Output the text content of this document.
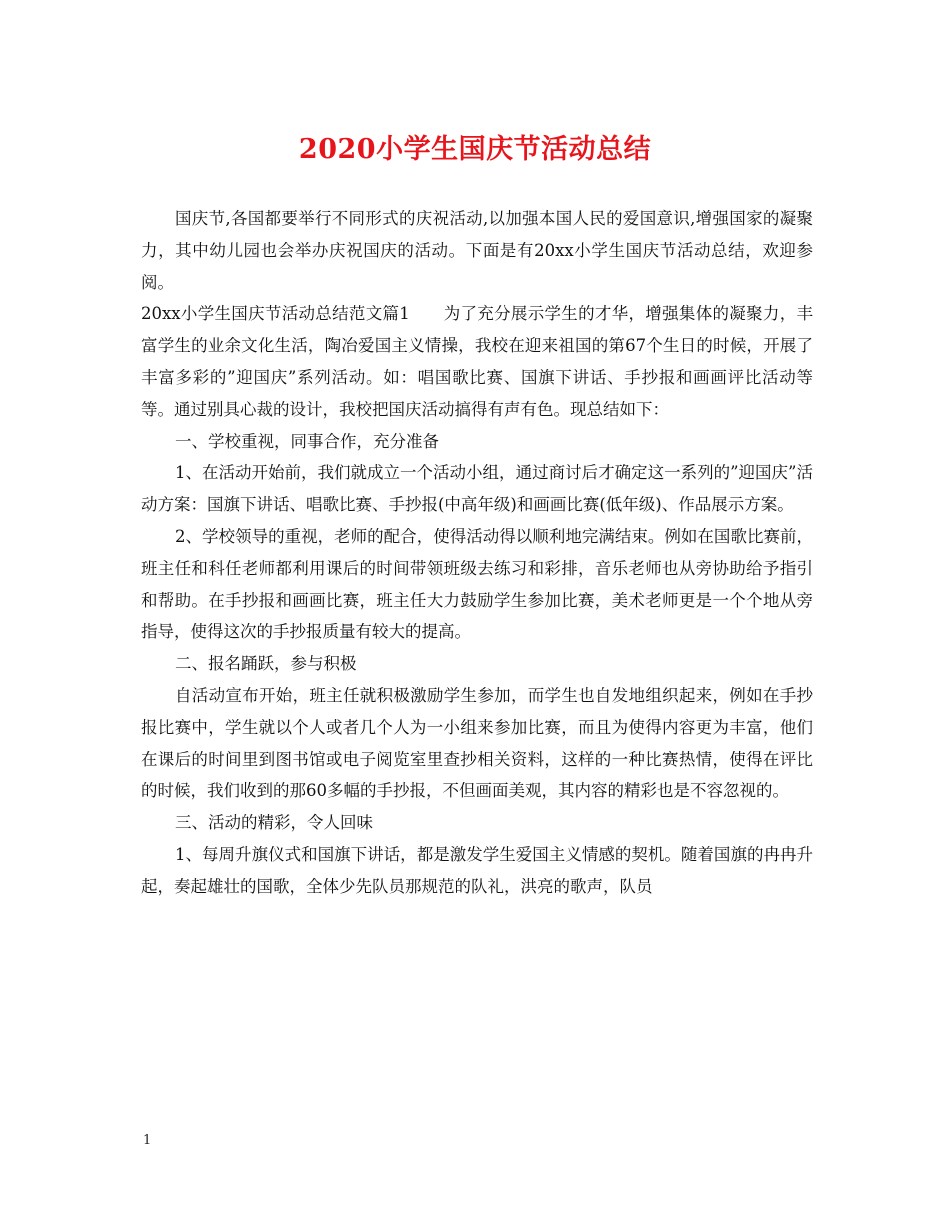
2020小学生国庆节活动总结

国庆节,各国都要举行不同形式的庆祝活动,以加强本国人民的爱国意识,增强国家的凝聚力，其中幼儿园也会举办庆祝国庆的活动。下面是有20xx小学生国庆节活动总结，欢迎参阅。

20xx小学生国庆节活动总结范文篇1　　为了充分展示学生的才华，增强集体的凝聚力，丰富学生的业余文化生活，陶冶爱国主义情操，我校在迎来祖国的第67个生日的时候，开展了丰富多彩的”迎国庆”系列活动。如：唱国歌比赛、国旗下讲话、手抄报和画画评比活动等等。通过别具心裁的设计，我校把国庆活动搞得有声有色。现总结如下：

一、学校重视，同事合作，充分准备

1、在活动开始前，我们就成立一个活动小组，通过商讨后才确定这一系列的”迎国庆”活动方案：国旗下讲话、唱歌比赛、手抄报(中高年级)和画画比赛(低年级)、作品展示方案。

2、学校领导的重视，老师的配合，使得活动得以顺利地完满结束。例如在国歌比赛前，班主任和科任老师都利用课后的时间带领班级去练习和彩排，音乐老师也从旁协助给予指引和帮助。在手抄报和画画比赛，班主任大力鼓励学生参加比赛，美术老师更是一个个地从旁指导，使得这次的手抄报质量有较大的提高。

二、报名踊跃，参与积极

自活动宣布开始，班主任就积极激励学生参加，而学生也自发地组织起来，例如在手抄报比赛中，学生就以个人或者几个人为一小组来参加比赛，而且为使得内容更为丰富，他们在课后的时间里到图书馆或电子阅览室里查抄相关资料，这样的一种比赛热情，使得在评比的时候，我们收到的那60多幅的手抄报，不但画面美观，其内容的精彩也是不容忽视的。

三、活动的精彩，令人回味

1、每周升旗仪式和国旗下讲话，都是激发学生爱国主义情感的契机。随着国旗的冉冉升起，奏起雄壮的国歌，全体少先队员那规范的队礼，洪亮的歌声，队员

1
